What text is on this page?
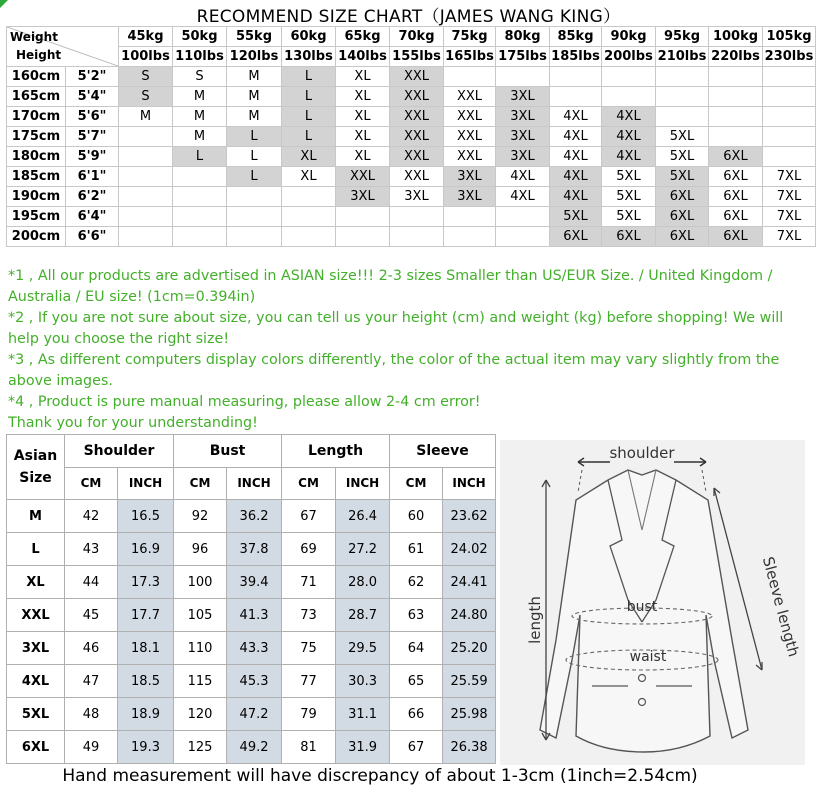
RECOMMEND SIZE CHART（JAMES WANG KING）
Weight
Height		45kg	50kg	55kg	60kg	65kg	70kg	75kg	80kg	85kg	90kg	95kg	100kg	105kg
		100lbs	110lbs	120lbs	130lbs	140lbs	155lbs	165lbs	175lbs	185lbs	200lbs	210lbs	220lbs	230lbs
160cm	5'2"	S	S	M	L	XL	XXL							
165cm	5'4"	S	M	M	L	XL	XXL	XXL	3XL					
170cm	5'6"	M	M	M	L	XL	XXL	XXL	3XL	4XL	4XL			
175cm	5'7"		M	L	L	XL	XXL	XXL	3XL	4XL	4XL	5XL		
180cm	5'9"		L	L	XL	XL	XXL	XXL	3XL	4XL	4XL	5XL	6XL	
185cm	6'1"			L	XL	XXL	XXL	3XL	4XL	4XL	5XL	5XL	6XL	7XL
190cm	6'2"					3XL	3XL	3XL	4XL	4XL	5XL	6XL	6XL	7XL
195cm	6'4"									5XL	5XL	6XL	6XL	7XL
200cm	6'6"									6XL	6XL	6XL	6XL	7XL

*1 , All our products are advertised in ASIAN size!!! 2-3 sizes Smaller than US/EUR Size. / United Kingdom / Australia / EU size! (1cm=0.394in)

*2 , If you are not sure about size, you can tell us your height (cm) and weight (kg) before shopping! We will help you choose the right size!

*3 , As different computers display colors differently, the color of the actual item may vary slightly from the above images.

*4 , Product is pure manual measuring, please allow 2-4 cm error!

Thank you for your understanding!

Asian
Size	Shoulder		Bust		Length		Sleeve	
	CM	INCH	CM	INCH	CM	INCH	CM	INCH
M	42	16.5	92	36.2	67	26.4	60	23.62
L	43	16.9	96	37.8	69	27.2	61	24.02
XL	44	17.3	100	39.4	71	28.0	62	24.41
XXL	45	17.7	105	41.3	73	28.7	63	24.80
3XL	46	18.1	110	43.3	75	29.5	64	25.20
4XL	47	18.5	115	45.3	77	30.3	65	25.59
5XL	48	18.9	120	47.2	79	31.1	66	25.98
6XL	49	19.3	125	49.2	81	31.9	67	26.38
shoulder
bust
waist
length	Sleeve length
Hand measurement will have discrepancy of about 1-3cm (1inch=2.54cm)
